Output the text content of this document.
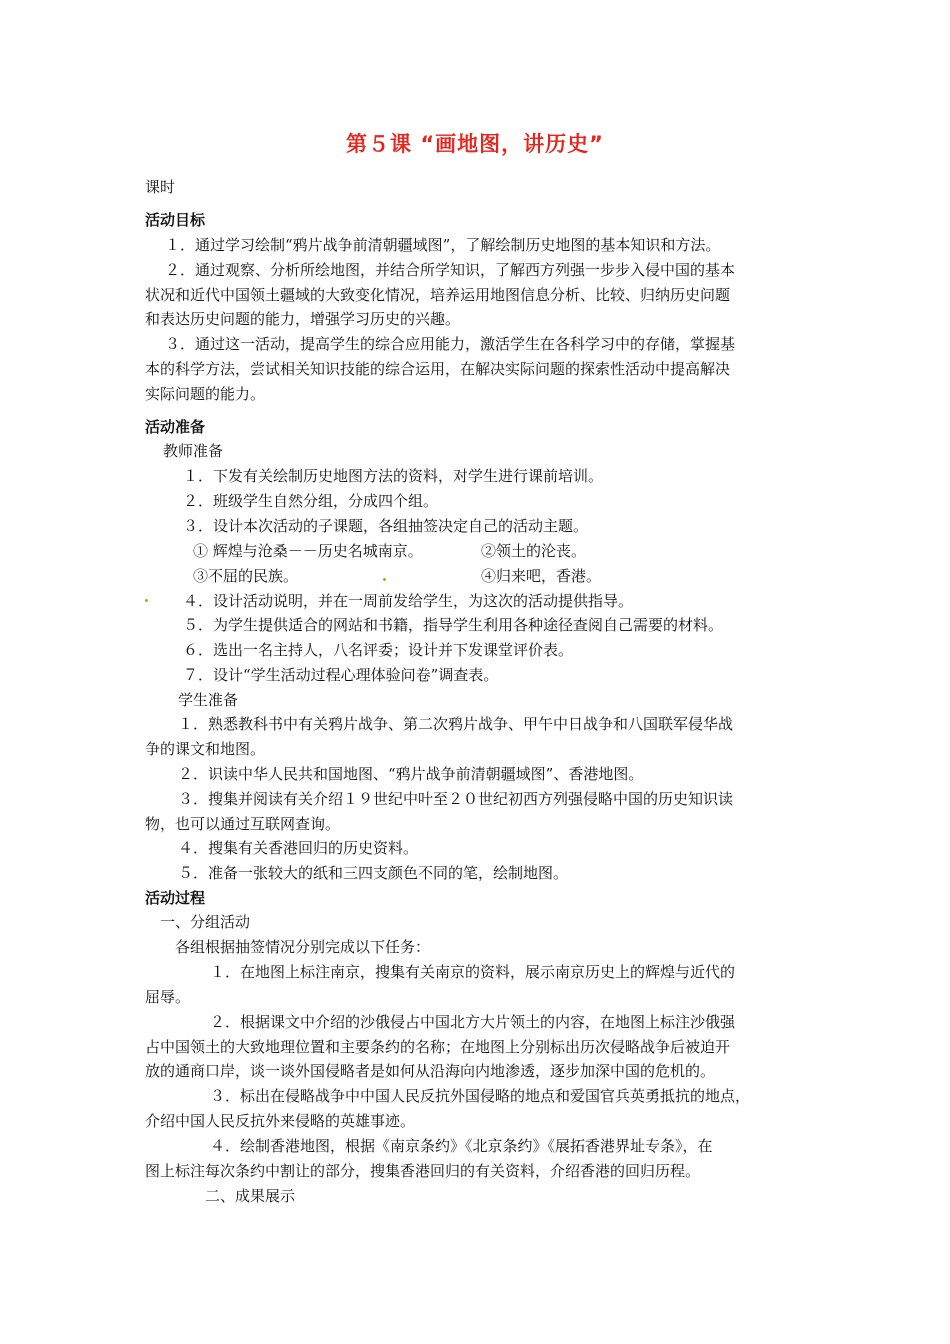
第５课 “画地图，讲历史”
课时
活动目标
１．通过学习绘制“鸦片战争前清朝疆域图”，了解绘制历史地图的基本知识和方法。
２．通过观察、分析所绘地图，并结合所学知识，了解西方列强一步步入侵中国的基本
状况和近代中国领土疆域的大致变化情况，培养运用地图信息分析、比较、归纳历史问题
和表达历史问题的能力，增强学习历史的兴趣。
３．通过这一活动，提高学生的综合应用能力，激活学生在各科学习中的存储，掌握基
本的科学方法，尝试相关知识技能的综合运用，在解决实际问题的探索性活动中提高解决
实际问题的能力。
活动准备
教师准备
１．下发有关绘制历史地图方法的资料，对学生进行课前培训。
２．班级学生自然分组，分成四个组。
３．设计本次活动的子课题，各组抽签决定自己的活动主题。
① 辉煌与沧桑－－历史名城南京。	②领土的沦丧。
③不屈的民族。	④归来吧，香港。
４．设计活动说明，并在一周前发给学生，为这次的活动提供指导。
５．为学生提供适合的网站和书籍，指导学生利用各种途径查阅自己需要的材料。
６．选出一名主持人，八名评委；设计并下发课堂评价表。
７．设计“学生活动过程心理体验问卷”调查表。
学生准备
１．熟悉教科书中有关鸦片战争、第二次鸦片战争、甲午中日战争和八国联军侵华战
争的课文和地图。
２．识读中华人民共和国地图、“鸦片战争前清朝疆域图”、香港地图。
３．搜集并阅读有关介绍１９世纪中叶至２０世纪初西方列强侵略中国的历史知识读
物，也可以通过互联网查询。
４．搜集有关香港回归的历史资料。
５．准备一张较大的纸和三四支颜色不同的笔，绘制地图。
活动过程
一、分组活动
各组根据抽签情况分别完成以下任务：
１．在地图上标注南京，搜集有关南京的资料，展示南京历史上的辉煌与近代的
屈辱。
２．根据课文中介绍的沙俄侵占中国北方大片领土的内容，在地图上标注沙俄强
占中国领土的大致地理位置和主要条约的名称；在地图上分别标出历次侵略战争后被迫开
放的通商口岸，谈一谈外国侵略者是如何从沿海向内地渗透，逐步加深中国的危机的。
３．标出在侵略战争中中国人民反抗外国侵略的地点和爱国官兵英勇抵抗的地点，
介绍中国人民反抗外来侵略的英雄事迹。
４．绘制香港地图，根据《南京条约》《北京条约》《展拓香港界址专条》，在
图上标注每次条约中割让的部分，搜集香港回归的有关资料，介绍香港的回归历程。
二、成果展示
